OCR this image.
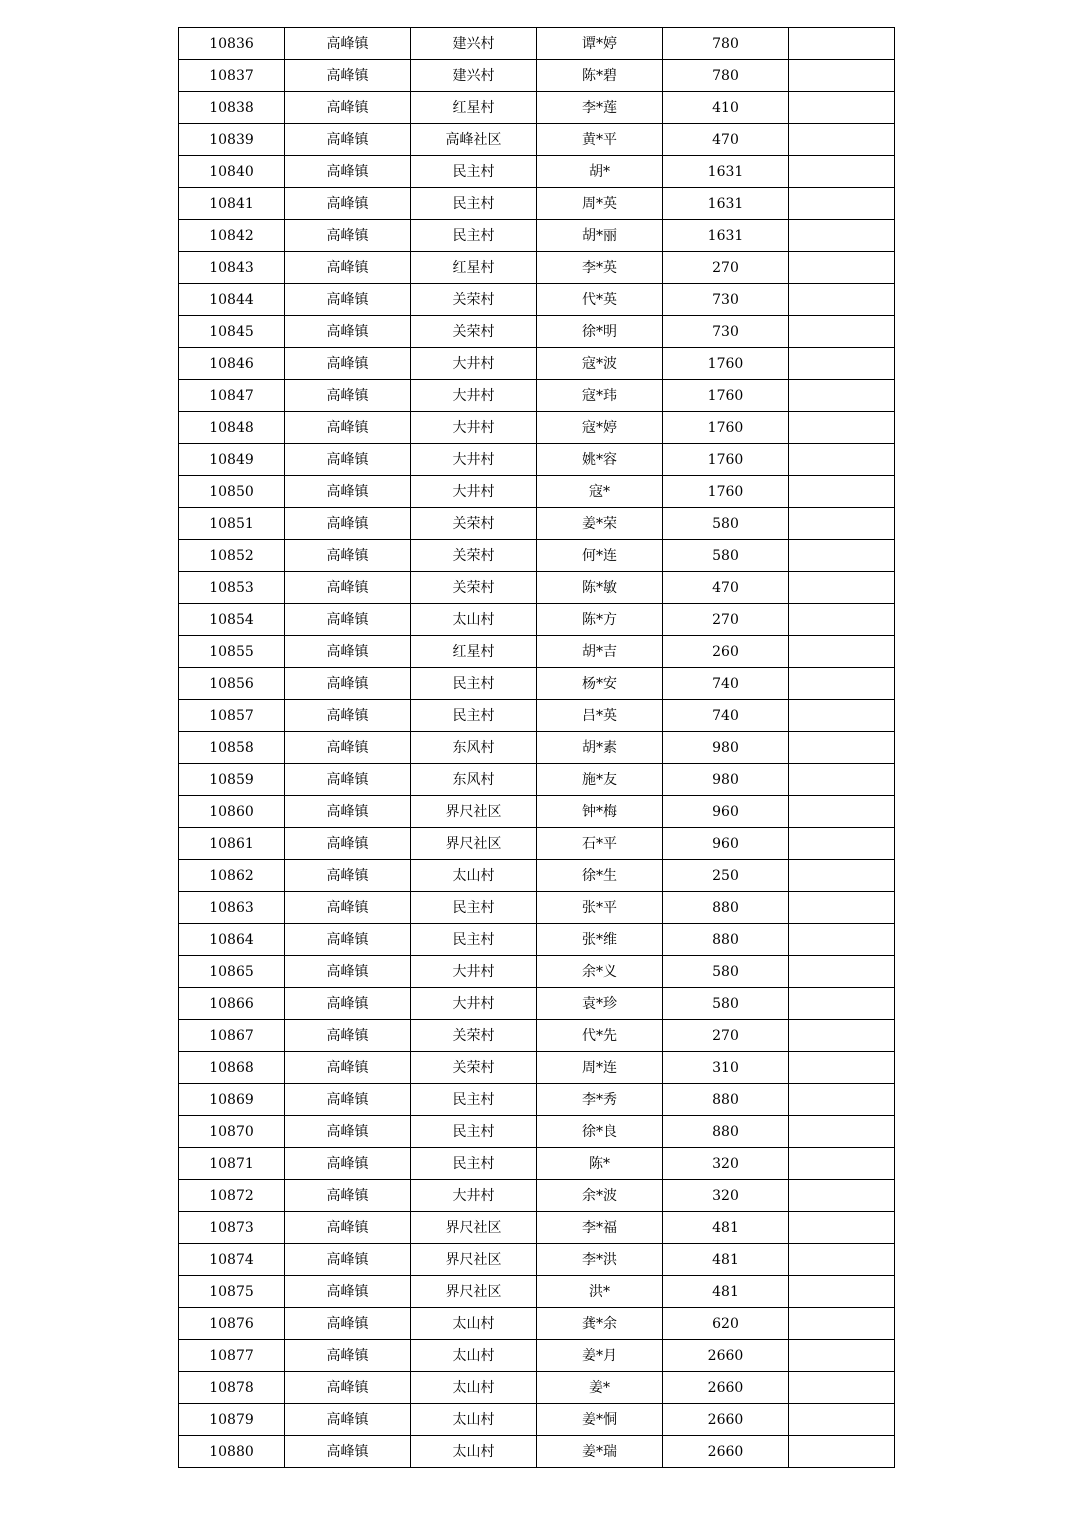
10836	高峰镇	建兴村	谭*婷	780	
10837	高峰镇	建兴村	陈*碧	780	
10838	高峰镇	红星村	李*莲	410	
10839	高峰镇	高峰社区	黄*平	470	
10840	高峰镇	民主村	胡*	1631	
10841	高峰镇	民主村	周*英	1631	
10842	高峰镇	民主村	胡*丽	1631	
10843	高峰镇	红星村	李*英	270	
10844	高峰镇	关荣村	代*英	730	
10845	高峰镇	关荣村	徐*明	730	
10846	高峰镇	大井村	寇*波	1760	
10847	高峰镇	大井村	寇*玮	1760	
10848	高峰镇	大井村	寇*婷	1760	
10849	高峰镇	大井村	姚*容	1760	
10850	高峰镇	大井村	寇*	1760	
10851	高峰镇	关荣村	姜*荣	580	
10852	高峰镇	关荣村	何*连	580	
10853	高峰镇	关荣村	陈*敏	470	
10854	高峰镇	太山村	陈*方	270	
10855	高峰镇	红星村	胡*吉	260	
10856	高峰镇	民主村	杨*安	740	
10857	高峰镇	民主村	吕*英	740	
10858	高峰镇	东风村	胡*素	980	
10859	高峰镇	东风村	施*友	980	
10860	高峰镇	界尺社区	钟*梅	960	
10861	高峰镇	界尺社区	石*平	960	
10862	高峰镇	太山村	徐*生	250	
10863	高峰镇	民主村	张*平	880	
10864	高峰镇	民主村	张*维	880	
10865	高峰镇	大井村	余*义	580	
10866	高峰镇	大井村	袁*珍	580	
10867	高峰镇	关荣村	代*先	270	
10868	高峰镇	关荣村	周*连	310	
10869	高峰镇	民主村	李*秀	880	
10870	高峰镇	民主村	徐*良	880	
10871	高峰镇	民主村	陈*	320	
10872	高峰镇	大井村	余*波	320	
10873	高峰镇	界尺社区	李*福	481	
10874	高峰镇	界尺社区	李*洪	481	
10875	高峰镇	界尺社区	洪*	481	
10876	高峰镇	太山村	龚*余	620	
10877	高峰镇	太山村	姜*月	2660	
10878	高峰镇	太山村	姜*	2660	
10879	高峰镇	太山村	姜*恫	2660	
10880	高峰镇	太山村	姜*瑞	2660	
